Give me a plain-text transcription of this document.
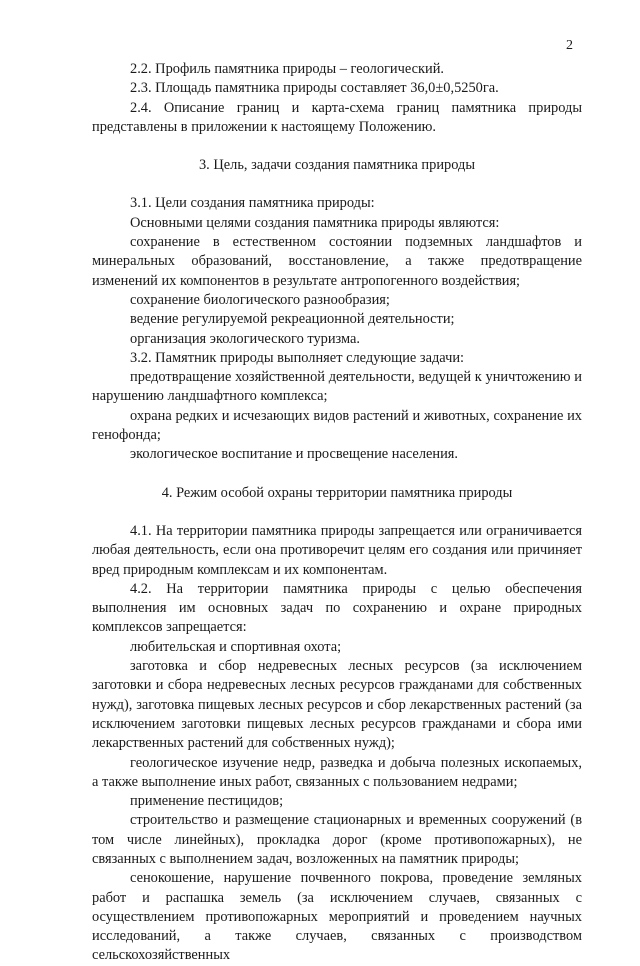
2

2.2. Профиль памятника природы – геологический.

2.3. Площадь памятника природы составляет 36,0±0,5250га.

2.4. Описание границ и карта-схема границ памятника природы представлены в приложении к настоящему Положению.

3. Цель, задачи создания памятника природы

3.1. Цели создания памятника природы:

Основными целями создания памятника природы являются:

сохранение в естественном состоянии подземных ландшафтов и минеральных образований, восстановление, а также предотвращение изменений их компонентов в результате антропогенного воздействия;

сохранение биологического разнообразия;

ведение регулируемой рекреационной деятельности;

организация экологического туризма.

3.2. Памятник природы выполняет следующие задачи:

предотвращение хозяйственной деятельности, ведущей к уничтожению и нарушению ландшафтного комплекса;

охрана редких и исчезающих видов растений и животных, сохранение их генофонда;

экологическое воспитание и просвещение населения.

4. Режим особой охраны территории памятника природы

4.1. На территории памятника природы запрещается или ограничивается любая деятельность, если она противоречит целям его создания или причиняет вред природным комплексам и их компонентам.

4.2. На территории памятника природы с целью обеспечения выполнения им основных задач по сохранению и охране природных комплексов запрещается:

любительская и спортивная охота;

заготовка и сбор недревесных лесных ресурсов (за исключением заготовки и сбора недревесных лесных ресурсов гражданами для собственных нужд), заготовка пищевых лесных ресурсов и сбор лекарственных растений (за исключением заготовки пищевых лесных ресурсов гражданами и сбора ими лекарственных растений для собственных нужд);

геологическое изучение недр, разведка и добыча полезных ископаемых, а также выполнение иных работ, связанных с пользованием недрами;

применение пестицидов;

строительство и размещение стационарных и временных сооружений (в том числе линейных), прокладка дорог (кроме противопожарных), не связанных с выполнением задач, возложенных на памятник природы;

сенокошение, нарушение почвенного покрова, проведение земляных работ и распашка земель (за исключением случаев, связанных с осуществлением противопожарных мероприятий и проведением научных исследований, а также случаев, связанных с производством сельскохозяйственных
